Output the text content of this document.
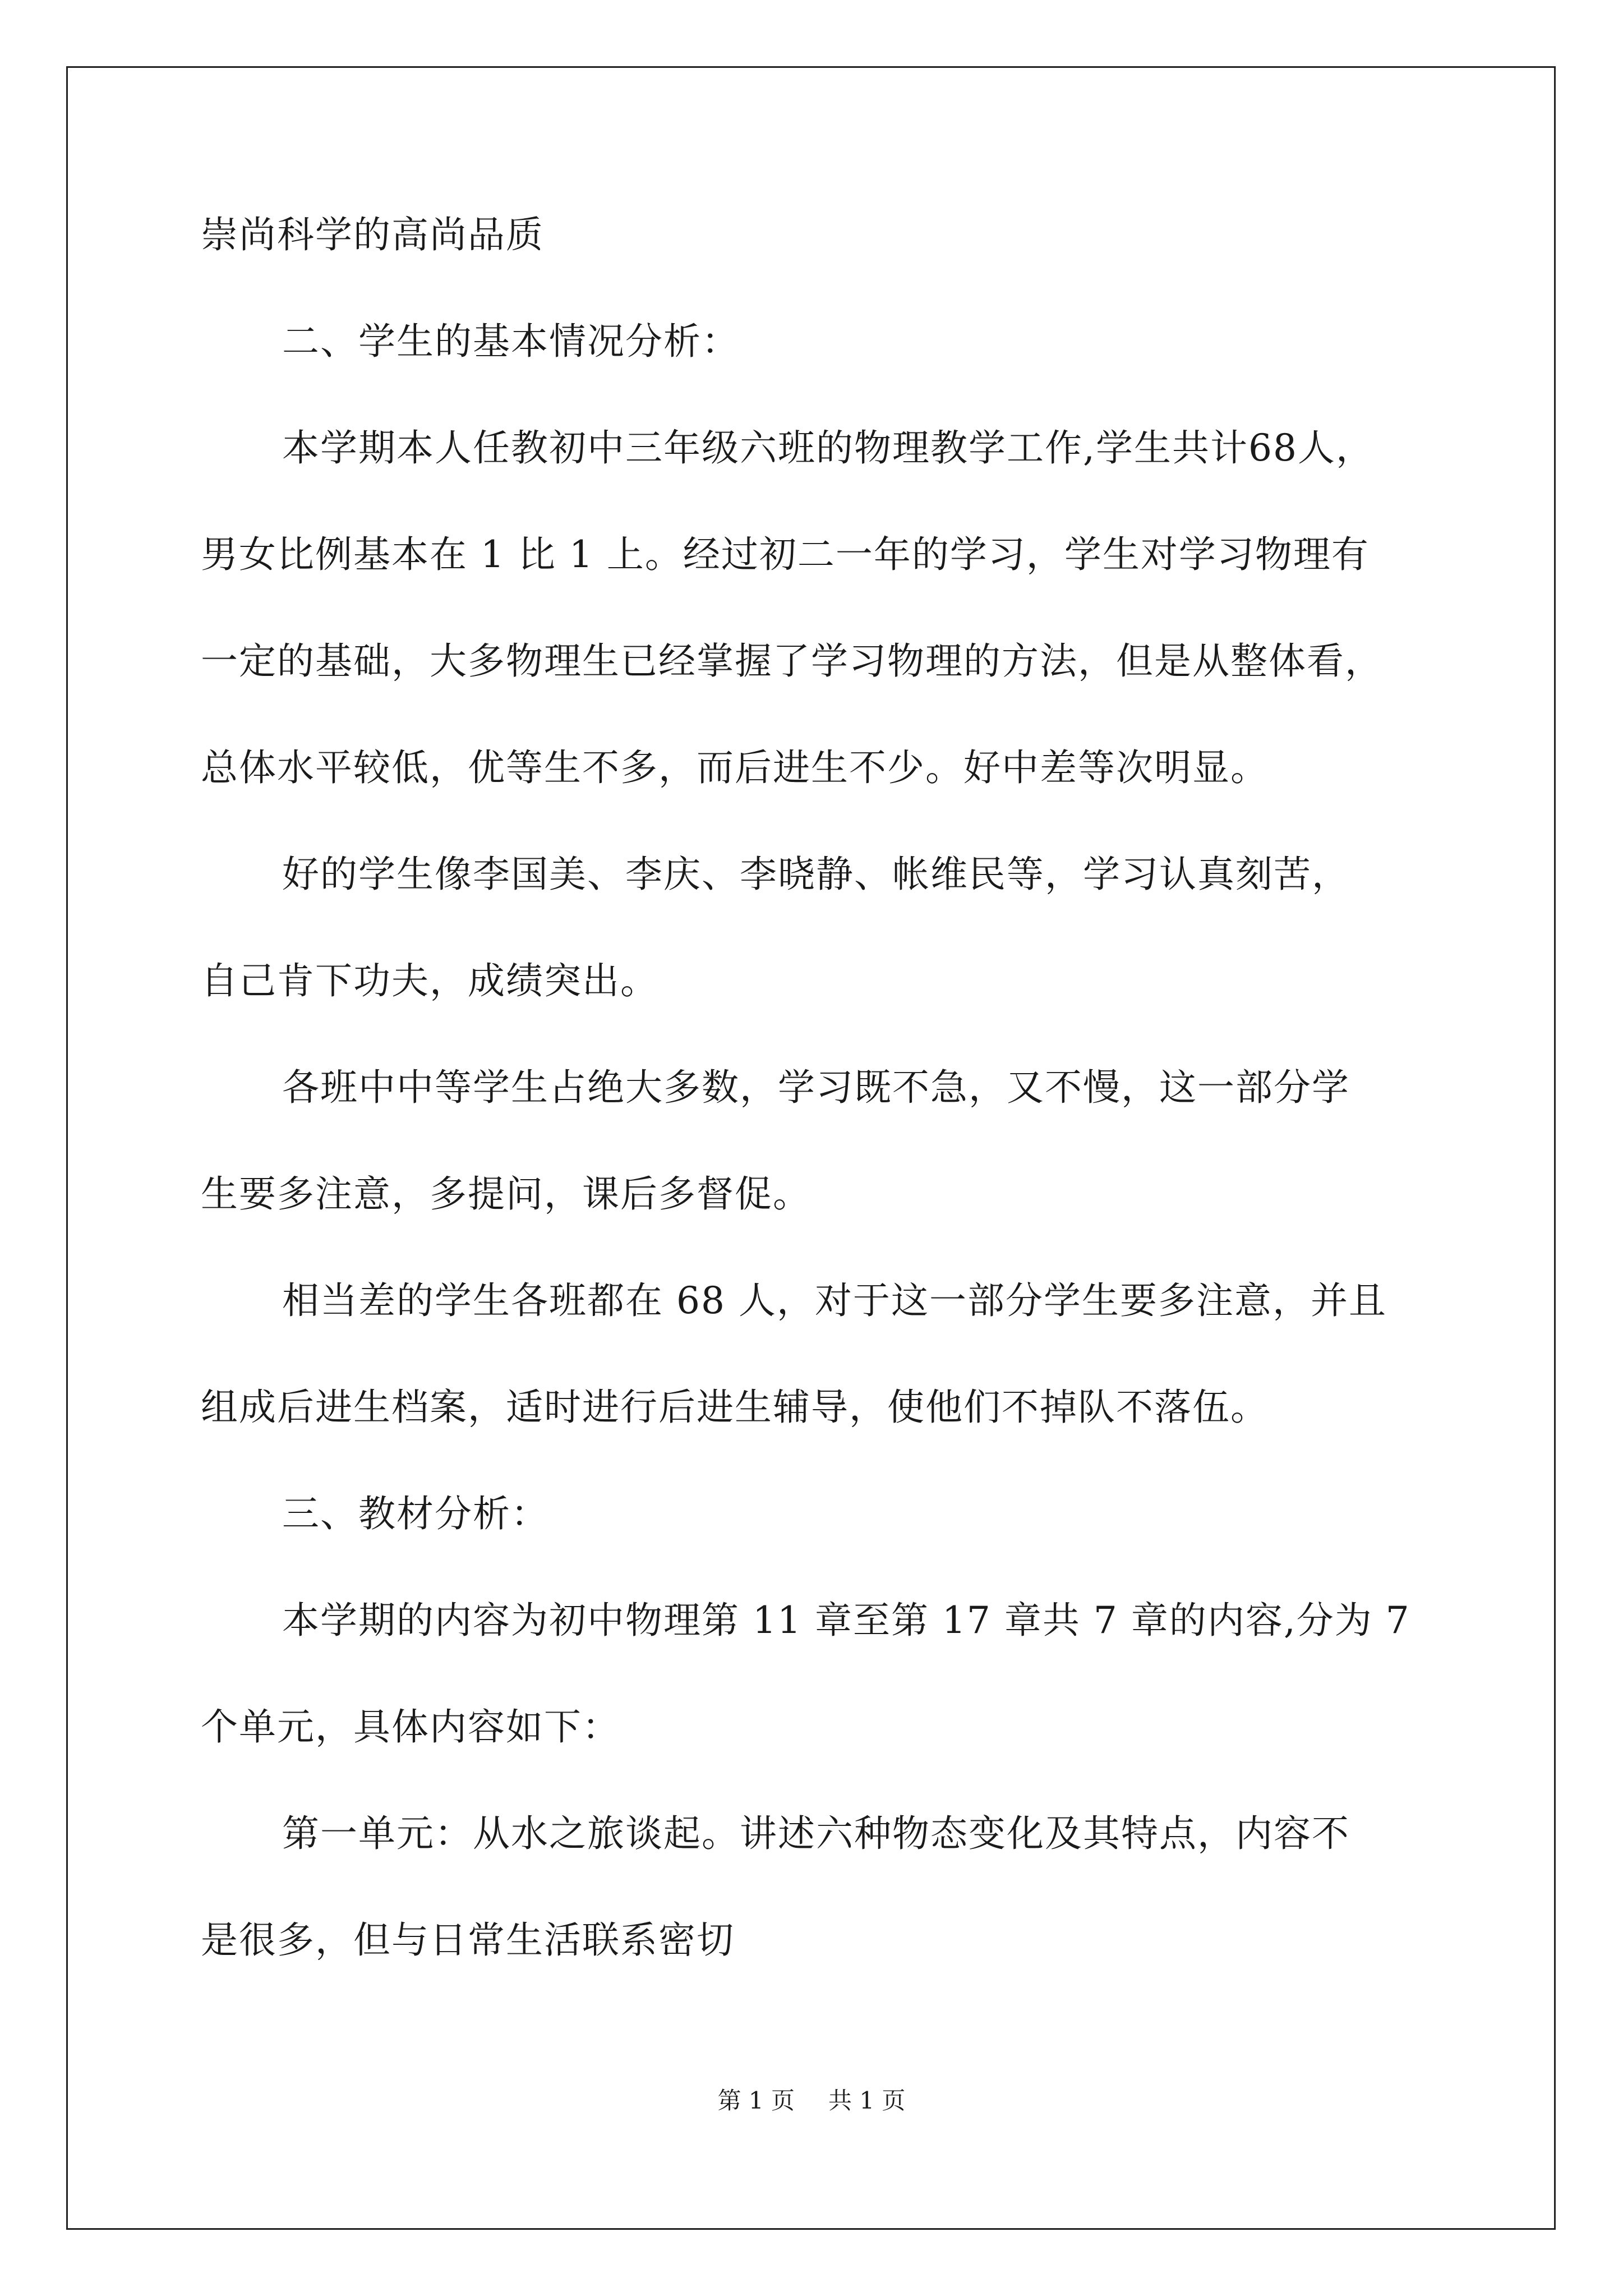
崇尚科学的高尚品质
二、学生的基本情况分析：
本学期本人任教初中三年级六班的物理教学工作,学生共计68人，
男女比例基本在 1 比 1 上。经过初二一年的学习，学生对学习物理有
一定的基础，大多物理生已经掌握了学习物理的方法，但是从整体看，
总体水平较低，优等生不多，而后进生不少。好中差等次明显。
好的学生像李国美、李庆、李晓静、帐维民等，学习认真刻苦，
自己肯下功夫，成绩突出。
各班中中等学生占绝大多数，学习既不急，又不慢，这一部分学
生要多注意，多提问，课后多督促。
相当差的学生各班都在 68 人，对于这一部分学生要多注意，并且
组成后进生档案，适时进行后进生辅导，使他们不掉队不落伍。
三、教材分析：
本学期的内容为初中物理第 11 章至第 17 章共 7 章的内容,分为 7
个单元，具体内容如下：
第一单元：从水之旅谈起。讲述六种物态变化及其特点，内容不
是很多，但与日常生活联系密切
第 1 页 共 1 页
